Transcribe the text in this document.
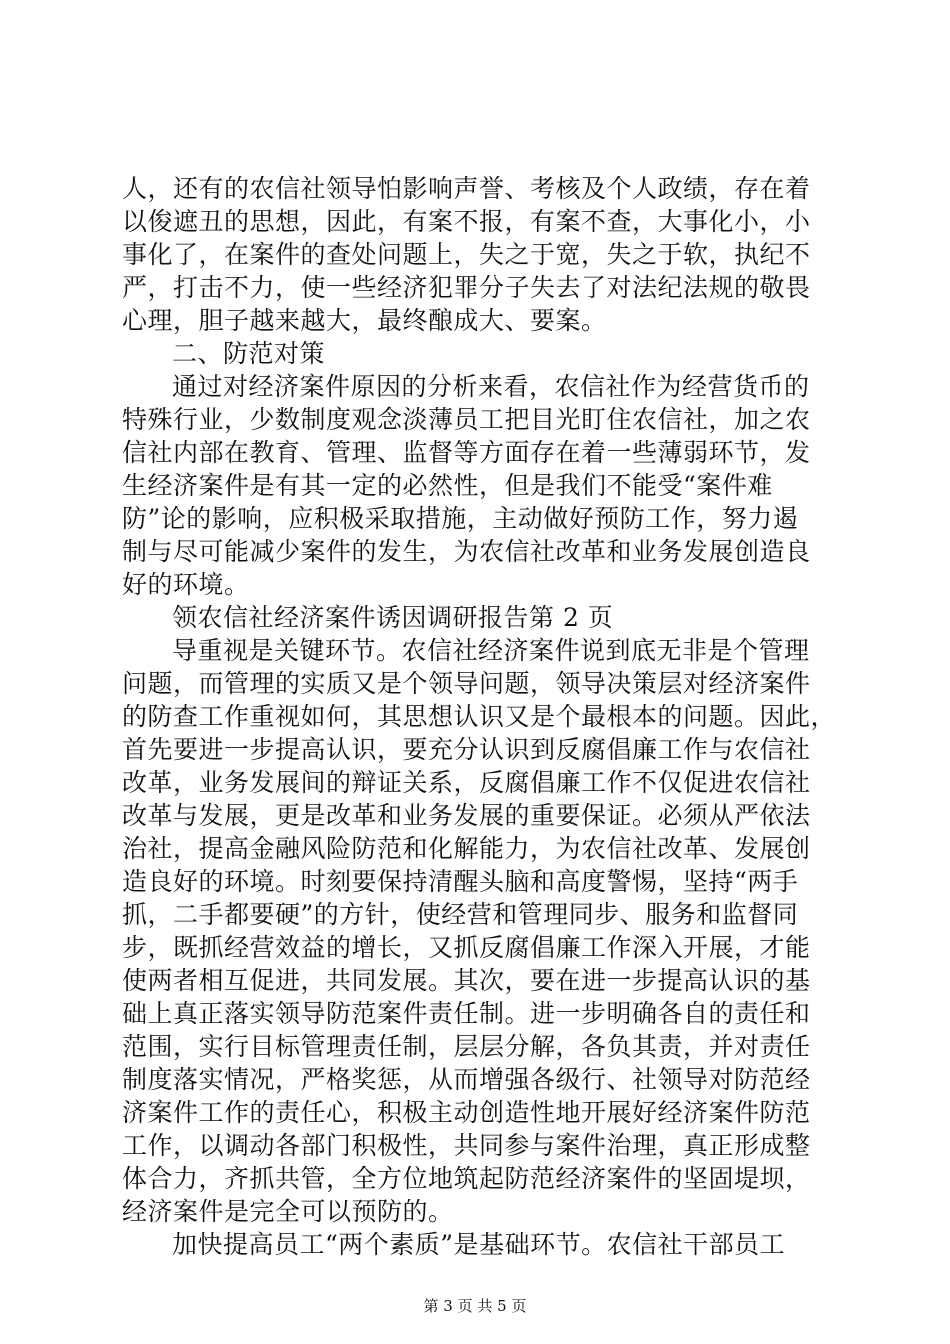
人，还有的农信社领导怕影响声誉、考核及个人政绩，存在着
以俊遮丑的思想，因此，有案不报，有案不查，大事化小，小
事化了，在案件的查处问题上，失之于宽，失之于软，执纪不
严，打击不力，使一些经济犯罪分子失去了对法纪法规的敬畏
心理，胆子越来越大，最终酿成大、要案。
二、防范对策
通过对经济案件原因的分析来看，农信社作为经营货币的
特殊行业，少数制度观念淡薄员工把目光盯住农信社，加之农
信社内部在教育、管理、监督等方面存在着一些薄弱环节，发
生经济案件是有其一定的必然性，但是我们不能受“案件难
防”论的影响，应积极采取措施，主动做好预防工作，努力遏
制与尽可能减少案件的发生，为农信社改革和业务发展创造良
好的环境。
领农信社经济案件诱因调研报告第 2 页
导重视是关键环节。农信社经济案件说到底无非是个管理
问题，而管理的实质又是个领导问题，领导决策层对经济案件
的防查工作重视如何，其思想认识又是个最根本的问题。因此，
首先要进一步提高认识，要充分认识到反腐倡廉工作与农信社
改革，业务发展间的辩证关系，反腐倡廉工作不仅促进农信社
改革与发展，更是改革和业务发展的重要保证。必须从严依法
治社，提高金融风险防范和化解能力，为农信社改革、发展创
造良好的环境。时刻要保持清醒头脑和高度警惕，坚持“两手
抓，二手都要硬”的方针，使经营和管理同步、服务和监督同
步，既抓经营效益的增长，又抓反腐倡廉工作深入开展，才能
使两者相互促进，共同发展。其次，要在进一步提高认识的基
础上真正落实领导防范案件责任制。进一步明确各自的责任和
范围，实行目标管理责任制，层层分解，各负其责，并对责任
制度落实情况，严格奖惩，从而增强各级行、社领导对防范经
济案件工作的责任心，积极主动创造性地开展好经济案件防范
工作，以调动各部门积极性，共同参与案件治理，真正形成整
体合力，齐抓共管，全方位地筑起防范经济案件的坚固堤坝，
经济案件是完全可以预防的。
加快提高员工“两个素质”是基础环节。农信社干部员工
第 3 页 共 5 页
